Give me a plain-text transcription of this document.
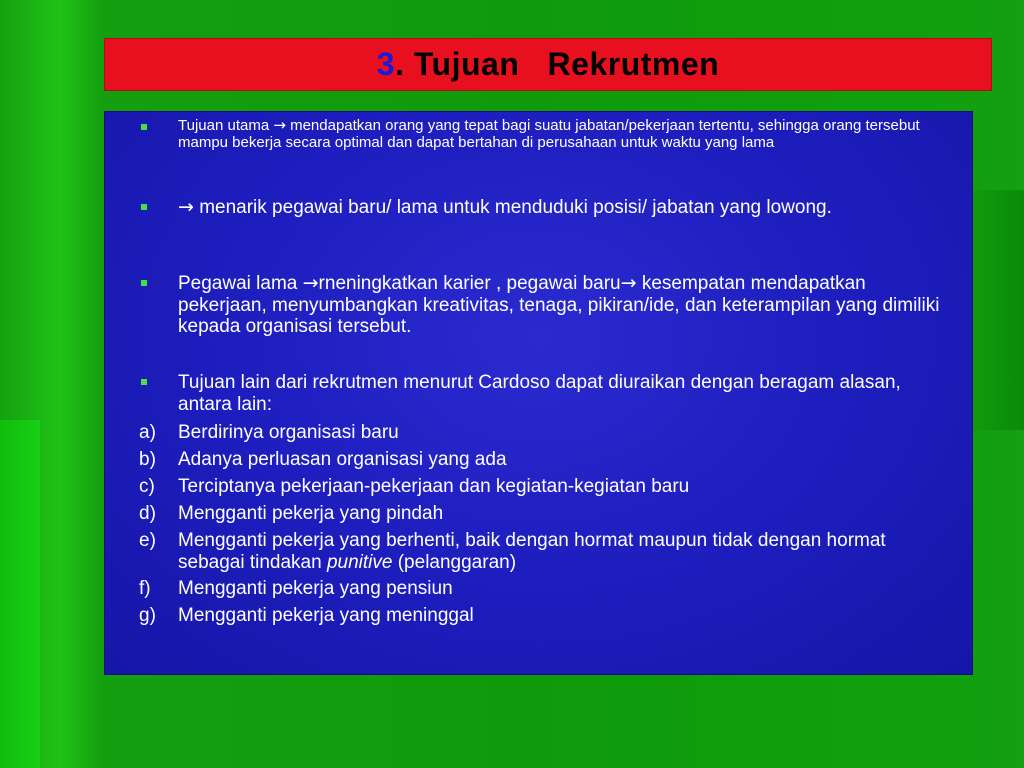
3. Tujuan   Rekrutmen
Tujuan utama → mendapatkan orang yang tepat bagi suatu jabatan/pekerjaan tertentu, sehingga orang tersebut mampu bekerja secara optimal dan dapat bertahan di perusahaan untuk waktu yang lama
→ menarik pegawai baru/ lama untuk menduduki posisi/ jabatan yang lowong.
Pegawai lama →rneningkatkan karier , pegawai baru→ kesempatan mendapatkan pekerjaan, menyumbangkan kreativitas, tenaga, pikiran/ide, dan keterampilan yang dimiliki kepada organisasi tersebut.
Tujuan lain dari rekrutmen menurut Cardoso dapat diuraikan dengan beragam alasan, antara lain:
a) Berdirinya organisasi baru
b) Adanya perluasan organisasi yang ada
c) Terciptanya pekerjaan-pekerjaan dan kegiatan-kegiatan baru
d) Mengganti pekerja yang pindah
e) Mengganti pekerja yang berhenti, baik dengan hormat maupun tidak dengan hormat sebagai tindakan punitive (pelanggaran)
f) Mengganti pekerja yang pensiun
g) Mengganti pekerja yang meninggal
